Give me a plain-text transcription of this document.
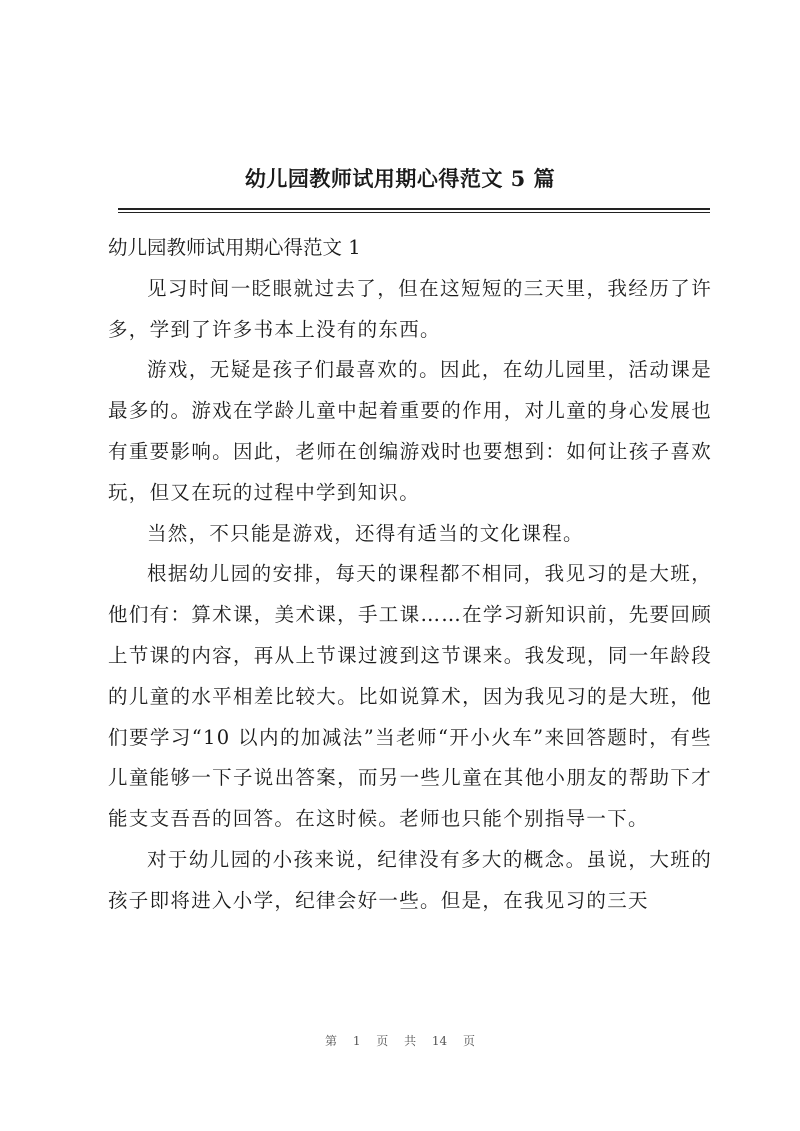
幼儿园教师试用期心得范文 5 篇

幼儿园教师试用期心得范文 1

见习时间一眨眼就过去了，但在这短短的三天里，我经历了许多，学到了许多书本上没有的东西。

游戏，无疑是孩子们最喜欢的。因此，在幼儿园里，活动课是最多的。游戏在学龄儿童中起着重要的作用，对儿童的身心发展也有重要影响。因此，老师在创编游戏时也要想到：如何让孩子喜欢玩，但又在玩的过程中学到知识。

当然，不只能是游戏，还得有适当的文化课程。

根据幼儿园的安排，每天的课程都不相同，我见习的是大班，他们有：算术课，美术课，手工课……在学习新知识前，先要回顾上节课的内容，再从上节课过渡到这节课来。我发现，同一年龄段的儿童的水平相差比较大。比如说算术，因为我见习的是大班，他们要学习“10 以内的加减法”当老师“开小火车”来回答题时，有些儿童能够一下子说出答案，而另一些儿童在其他小朋友的帮助下才能支支吾吾的回答。在这时候。老师也只能个别指导一下。

对于幼儿园的小孩来说，纪律没有多大的概念。虽说，大班的孩子即将进入小学，纪律会好一些。但是，在我见习的三天

第 1 页 共 14 页
